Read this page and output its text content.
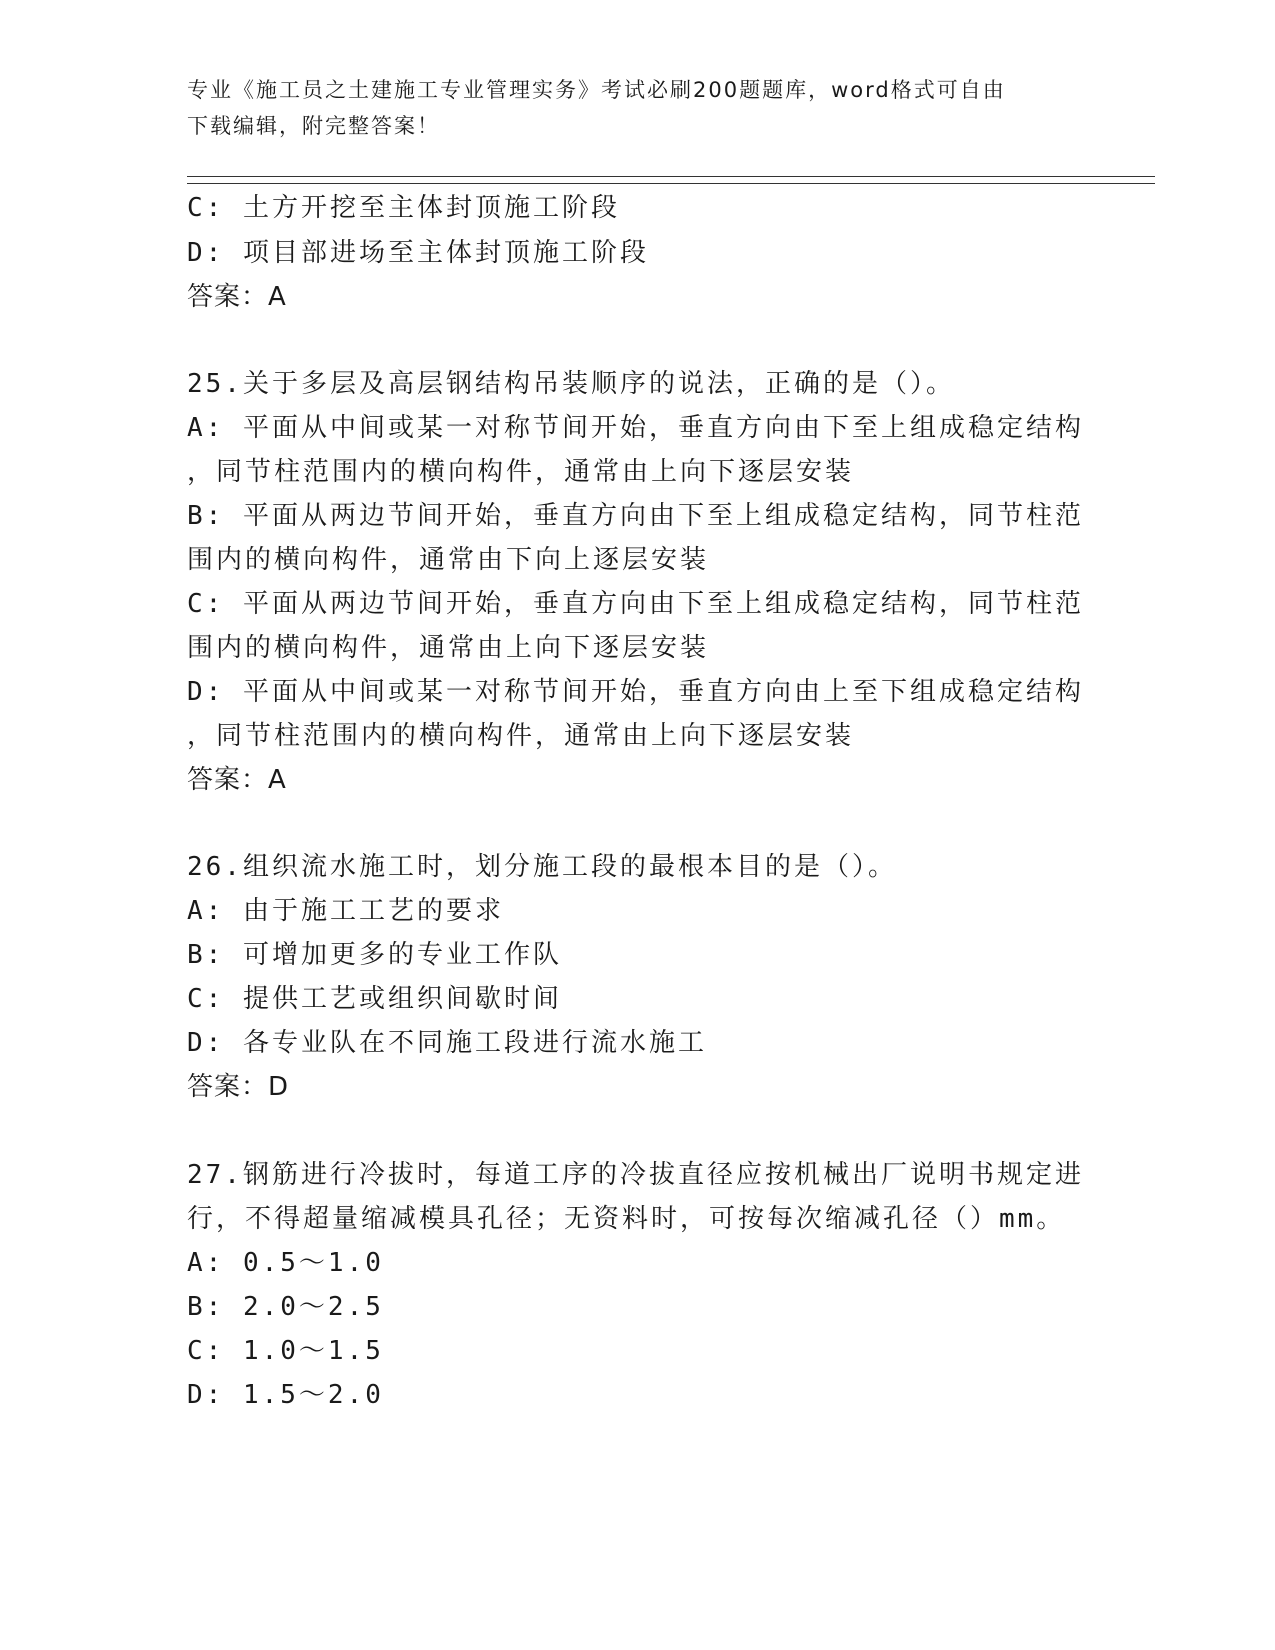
专业《施工员之土建施工专业管理实务》考试必刷200题题库，word格式可自由
下载编辑，附完整答案！
C: 土方开挖至主体封顶施工阶段
D: 项目部进场至主体封顶施工阶段
答案：A
25.关于多层及高层钢结构吊装顺序的说法，正确的是（）。
A: 平面从中间或某一对称节间开始，垂直方向由下至上组成稳定结构
，同节柱范围内的横向构件，通常由上向下逐层安装
B: 平面从两边节间开始，垂直方向由下至上组成稳定结构，同节柱范
围内的横向构件，通常由下向上逐层安装
C: 平面从两边节间开始，垂直方向由下至上组成稳定结构，同节柱范
围内的横向构件，通常由上向下逐层安装
D: 平面从中间或某一对称节间开始，垂直方向由上至下组成稳定结构
，同节柱范围内的横向构件，通常由上向下逐层安装
答案：A
26.组织流水施工时，划分施工段的最根本目的是（）。
A: 由于施工工艺的要求
B: 可增加更多的专业工作队
C: 提供工艺或组织间歇时间
D: 各专业队在不同施工段进行流水施工
答案：D
27.钢筋进行冷拔时，每道工序的冷拔直径应按机械出厂说明书规定进
行，不得超量缩减模具孔径；无资料时，可按每次缩减孔径（）mm。
A: 0.5～1.0
B: 2.0～2.5
C: 1.0～1.5
D: 1.5～2.0
